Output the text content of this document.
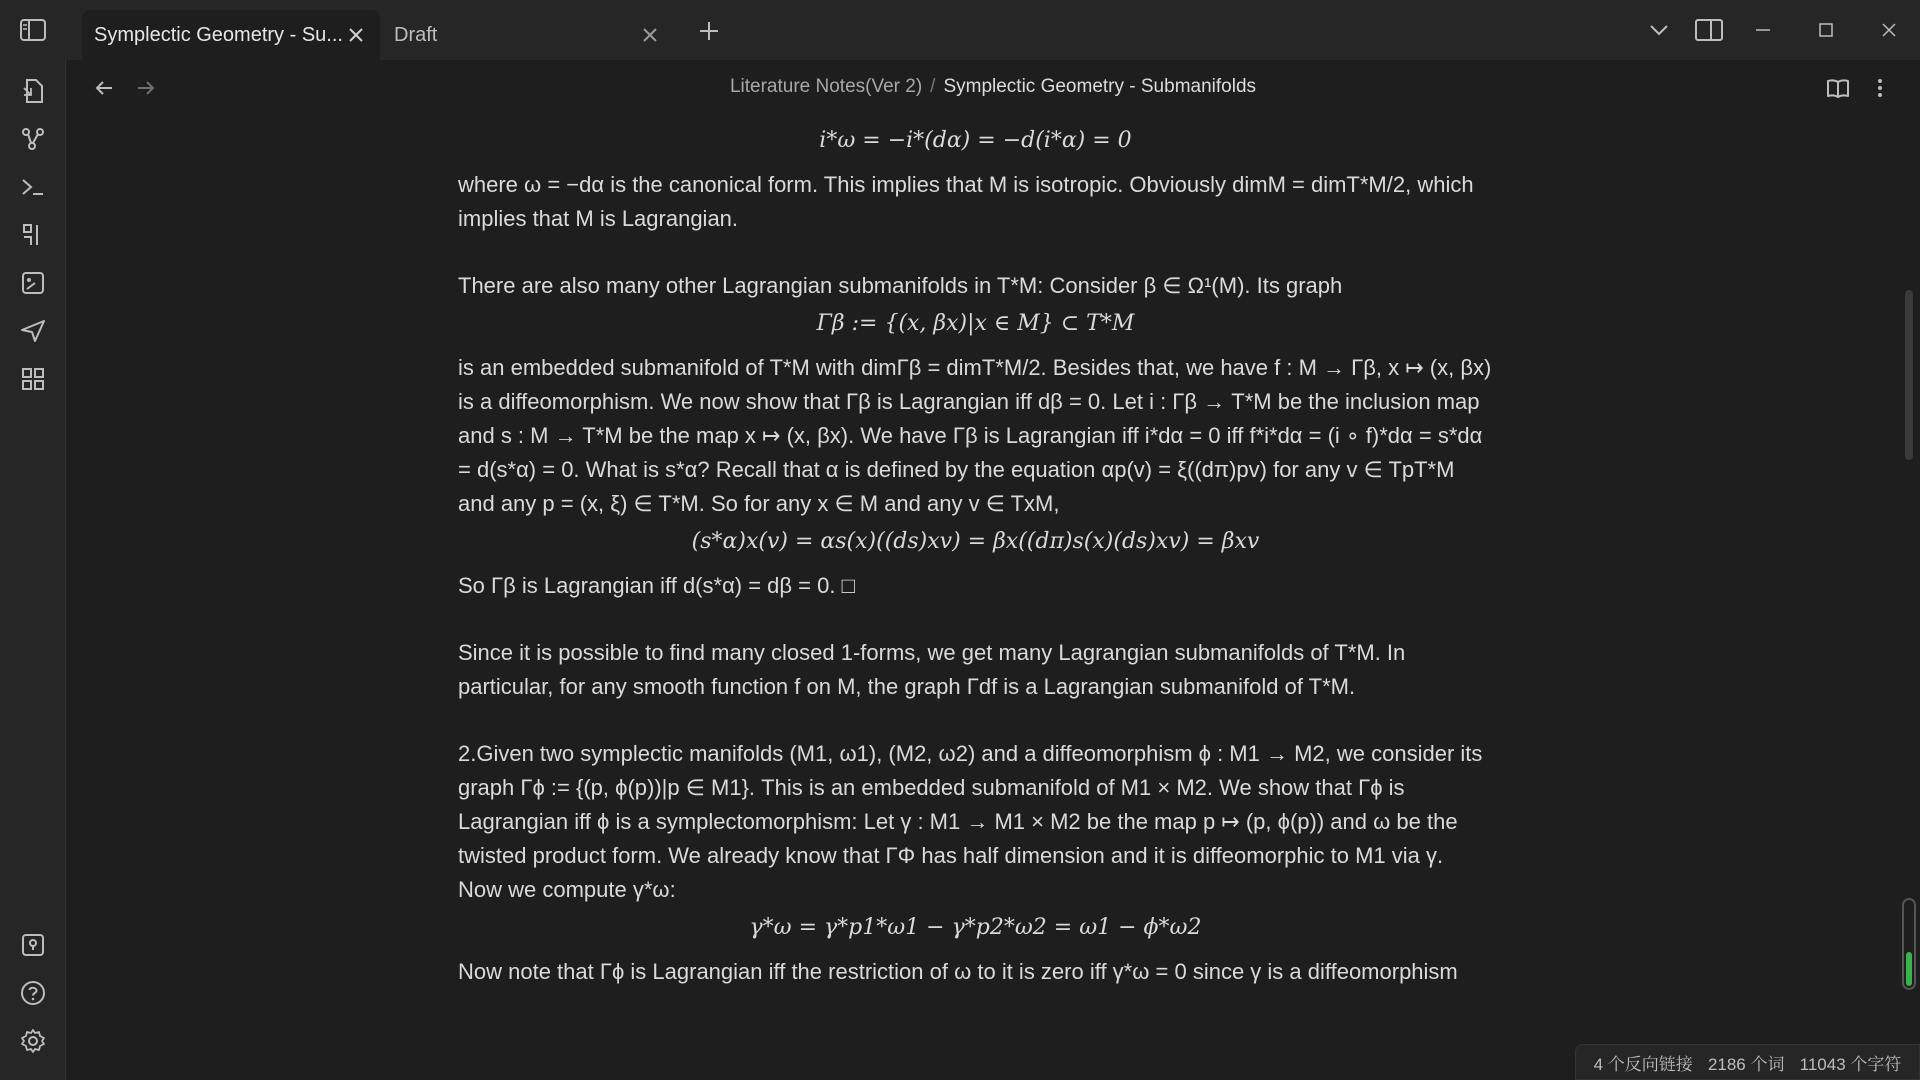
Symplectic Geometry - Su...	Draft
Literature Notes(Ver 2) / Symplectic Geometry - Submanifolds
i*ω = −i*(dα) = −d(i*α) = 0

where ω = −dα is the canonical form. This implies that M is isotropic. Obviously dimM = dimT*M/2, which implies that M is Lagrangian.

There are also many other Lagrangian submanifolds in T*M: Consider β ∈ Ω¹(M). Its graph

Γβ := {(x, βx)|x ∈ M} ⊂ T*M

is an embedded submanifold of T*M with dimΓβ = dimT*M/2. Besides that, we have f : M → Γβ, x ↦ (x, βx) is a diffeomorphism. We now show that Γβ is Lagrangian iff dβ = 0. Let i : Γβ → T*M be the inclusion map and s : M → T*M be the map x ↦ (x, βx). We have Γβ is Lagrangian iff i*dα = 0 iff f*i*dα = (i ∘ f)*dα = s*dα = d(s*α) = 0. What is s*α? Recall that α is defined by the equation αp(v) = ξ((dπ)pv) for any v ∈ TpT*M and any p = (x, ξ) ∈ T*M. So for any x ∈ M and any v ∈ TxM,

(s*α)x(v) = αs(x)((ds)xv) = βx((dπ)s(x)(ds)xv) = βxv

So Γβ is Lagrangian iff d(s*α) = dβ = 0. □

Since it is possible to find many closed 1-forms, we get many Lagrangian submanifolds of T*M. In particular, for any smooth function f on M, the graph Γdf is a Lagrangian submanifold of T*M.

2.Given two symplectic manifolds (M1, ω1), (M2, ω2) and a diffeomorphism ϕ : M1 → M2, we consider its graph Γϕ := {(p, ϕ(p))|p ∈ M1}. This is an embedded submanifold of M1 × M2. We show that Γϕ is Lagrangian iff ϕ is a symplectomorphism: Let γ : M1 → M1 × M2 be the map p ↦ (p, ϕ(p)) and ω be the twisted product form. We already know that ΓΦ has half dimension and it is diffeomorphic to M1 via γ. Now we compute γ*ω:

γ*ω = γ*p1*ω1 − γ*p2*ω2 = ω1 − ϕ*ω2

Now note that Γϕ is Lagrangian iff the restriction of ω to it is zero iff γ*ω = 0 since γ is a diffeomorphism

4 个反向链接 2186 个词 11043 个字符
